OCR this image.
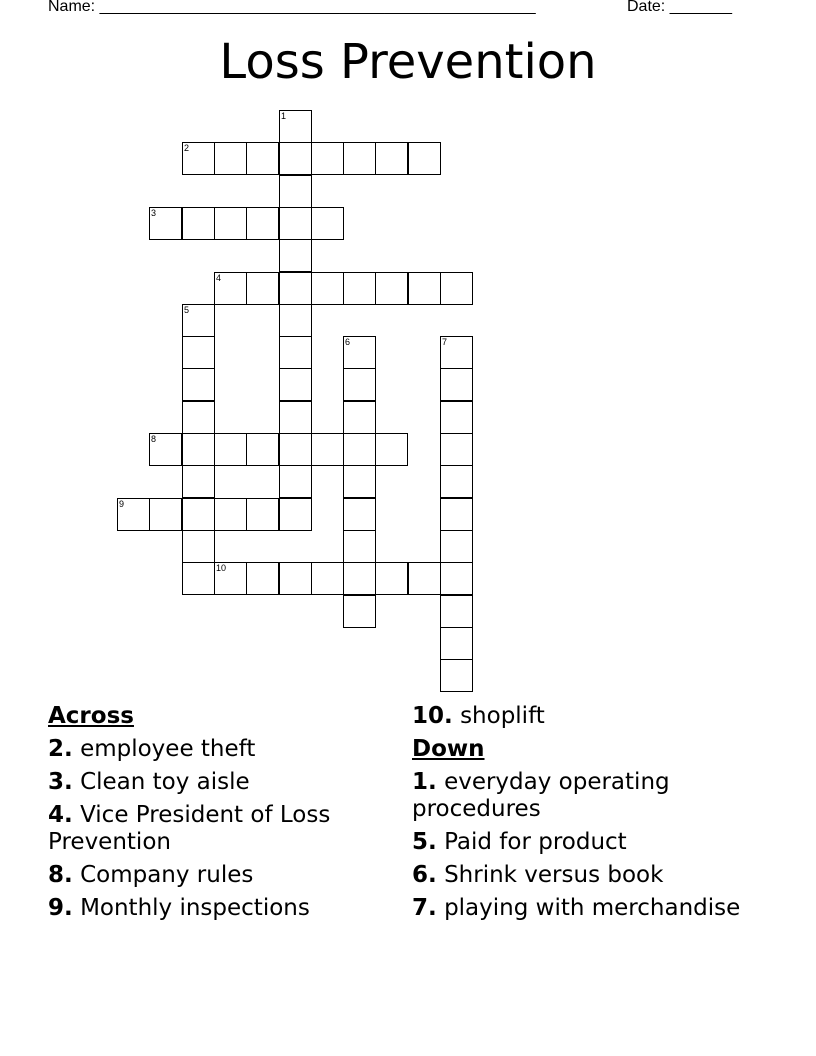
Name: _________________________________________________	Date: _______
Loss Prevention
1
2
3
4
5
6	7
8
9
10
Across
2. employee theft
3. Clean toy aisle
4. Vice President of Loss Prevention
8. Company rules
9. Monthly inspections
10. shoplift
Down
1. everyday operating procedures
5. Paid for product
6. Shrink versus book
7. playing with merchandise
